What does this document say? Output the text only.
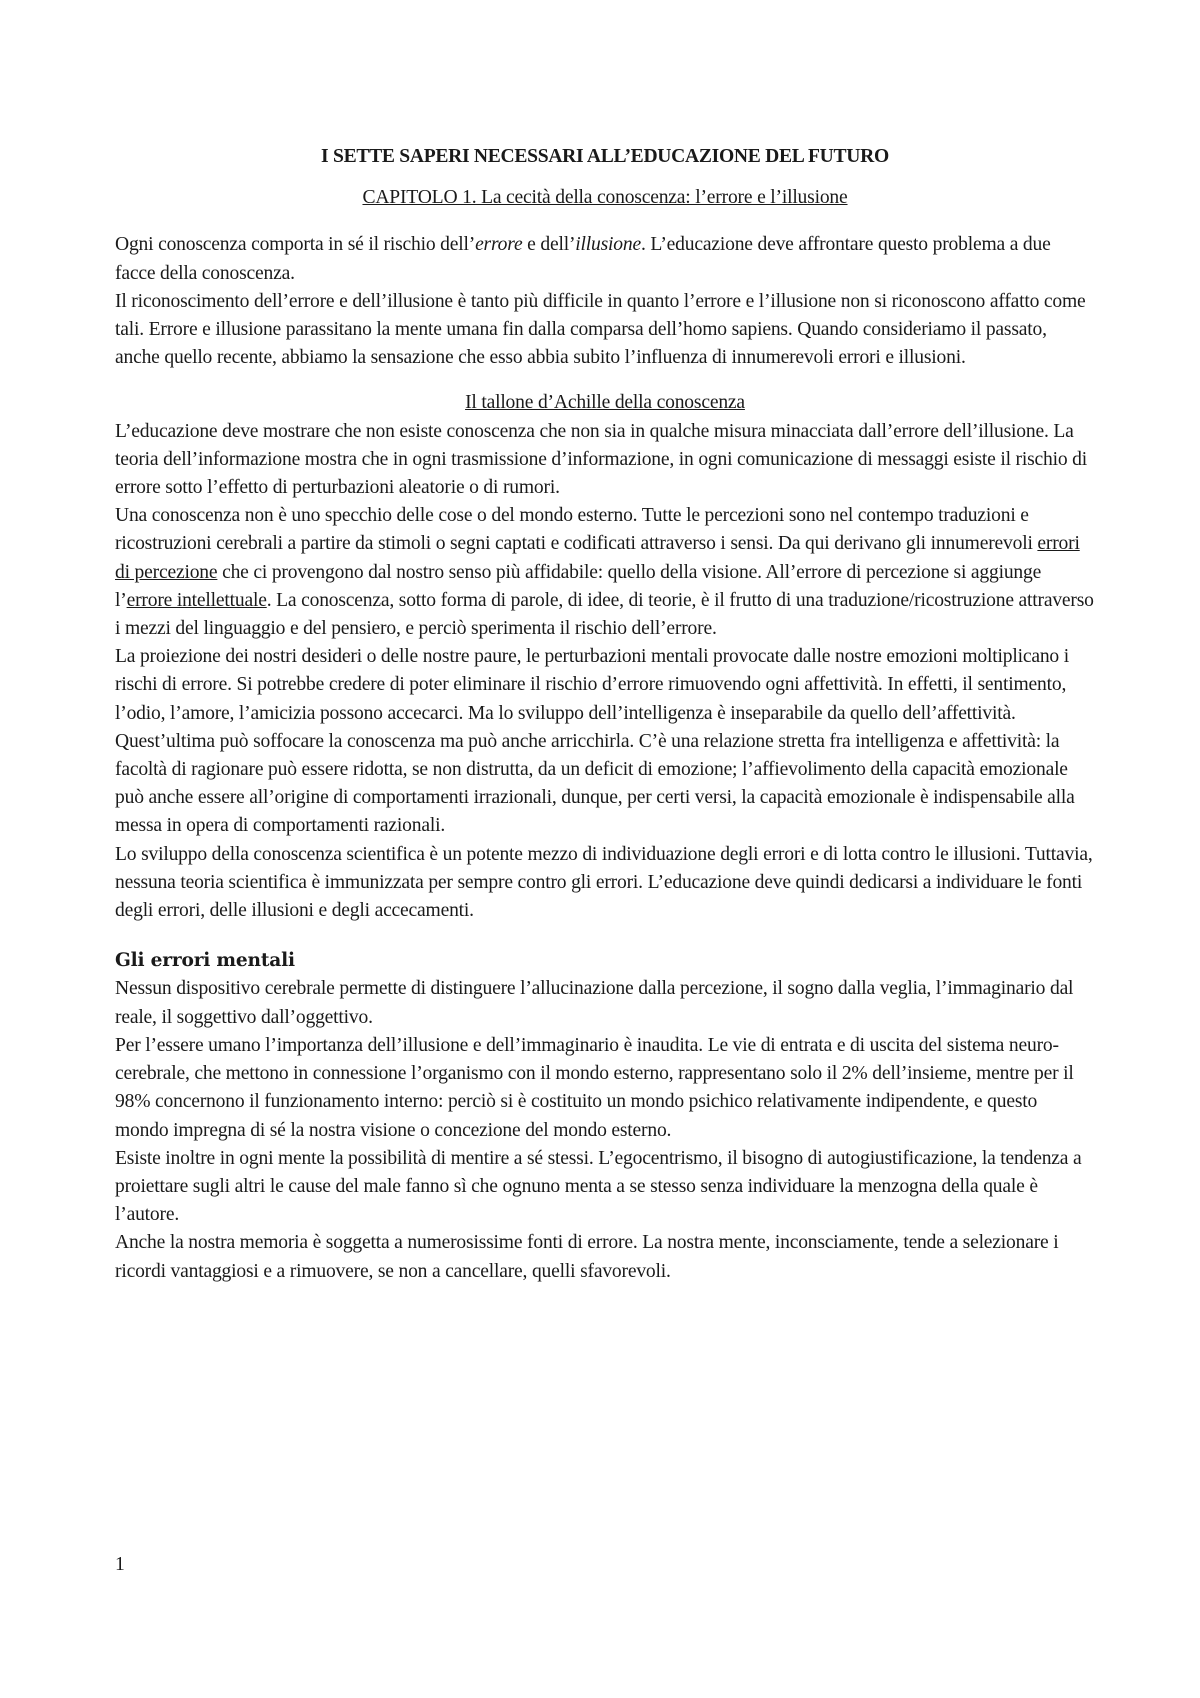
I SETTE SAPERI NECESSARI ALL’EDUCAZIONE DEL FUTURO
CAPITOLO 1. La cecità della conoscenza: l’errore e l’illusione

Ogni conoscenza comporta in sé il rischio dell’errore e dell’illusione. L’educazione deve affrontare questo problema a due facce della conoscenza.

Il riconoscimento dell’errore e dell’illusione è tanto più difficile in quanto l’errore e l’illusione non si riconoscono affatto come tali. Errore e illusione parassitano la mente umana fin dalla comparsa dell’homo sapiens. Quando consideriamo il passato, anche quello recente, abbiamo la sensazione che esso abbia subito l’influenza di innumerevoli errori e illusioni.

Il tallone d’Achille della conoscenza

L’educazione deve mostrare che non esiste conoscenza che non sia in qualche misura minacciata dall’errore dell’illusione. La teoria dell’informazione mostra che in ogni trasmissione d’informazione, in ogni comunicazione di messaggi esiste il rischio di errore sotto l’effetto di perturbazioni aleatorie o di rumori.

Una conoscenza non è uno specchio delle cose o del mondo esterno. Tutte le percezioni sono nel contempo traduzioni e ricostruzioni cerebrali a partire da stimoli o segni captati e codificati attraverso i sensi. Da qui derivano gli innumerevoli errori di percezione che ci provengono dal nostro senso più affidabile: quello della visione. All’errore di percezione si aggiunge l’errore intellettuale. La conoscenza, sotto forma di parole, di idee, di teorie, è il frutto di una traduzione/ricostruzione attraverso i mezzi del linguaggio e del pensiero, e perciò sperimenta il rischio dell’errore.

La proiezione dei nostri desideri o delle nostre paure, le perturbazioni mentali provocate dalle nostre emozioni moltiplicano i rischi di errore. Si potrebbe credere di poter eliminare il rischio d’errore rimuovendo ogni affettività. In effetti, il sentimento, l’odio, l’amore, l’amicizia possono accecarci. Ma lo sviluppo dell’intelligenza è inseparabile da quello dell’affettività. Quest’ultima può soffocare la conoscenza ma può anche arricchirla. C’è una relazione stretta fra intelligenza e affettività: la facoltà di ragionare può essere ridotta, se non distrutta, da un deficit di emozione; l’affievolimento della capacità emozionale può anche essere all’origine di comportamenti irrazionali, dunque, per certi versi, la capacità emozionale è indispensabile alla messa in opera di comportamenti razionali.

Lo sviluppo della conoscenza scientifica è un potente mezzo di individuazione degli errori e di lotta contro le illusioni. Tuttavia, nessuna teoria scientifica è immunizzata per sempre contro gli errori. L’educazione deve quindi dedicarsi a individuare le fonti degli errori, delle illusioni e degli accecamenti.

Gli errori mentali

Nessun dispositivo cerebrale permette di distinguere l’allucinazione dalla percezione, il sogno dalla veglia, l’immaginario dal reale, il soggettivo dall’oggettivo.

Per l’essere umano l’importanza dell’illusione e dell’immaginario è inaudita. Le vie di entrata e di uscita del sistema neuro-cerebrale, che mettono in connessione l’organismo con il mondo esterno, rappresentano solo il 2% dell’insieme, mentre per il 98% concernono il funzionamento interno: perciò si è costituito un mondo psichico relativamente indipendente, e questo mondo impregna di sé la nostra visione o concezione del mondo esterno.

Esiste inoltre in ogni mente la possibilità di mentire a sé stessi. L’egocentrismo, il bisogno di autogiustificazione, la tendenza a proiettare sugli altri le cause del male fanno sì che ognuno menta a se stesso senza individuare la menzogna della quale è l’autore.

Anche la nostra memoria è soggetta a numerosissime fonti di errore. La nostra mente, inconsciamente, tende a selezionare i ricordi vantaggiosi e a rimuovere, se non a cancellare, quelli sfavorevoli.

1
